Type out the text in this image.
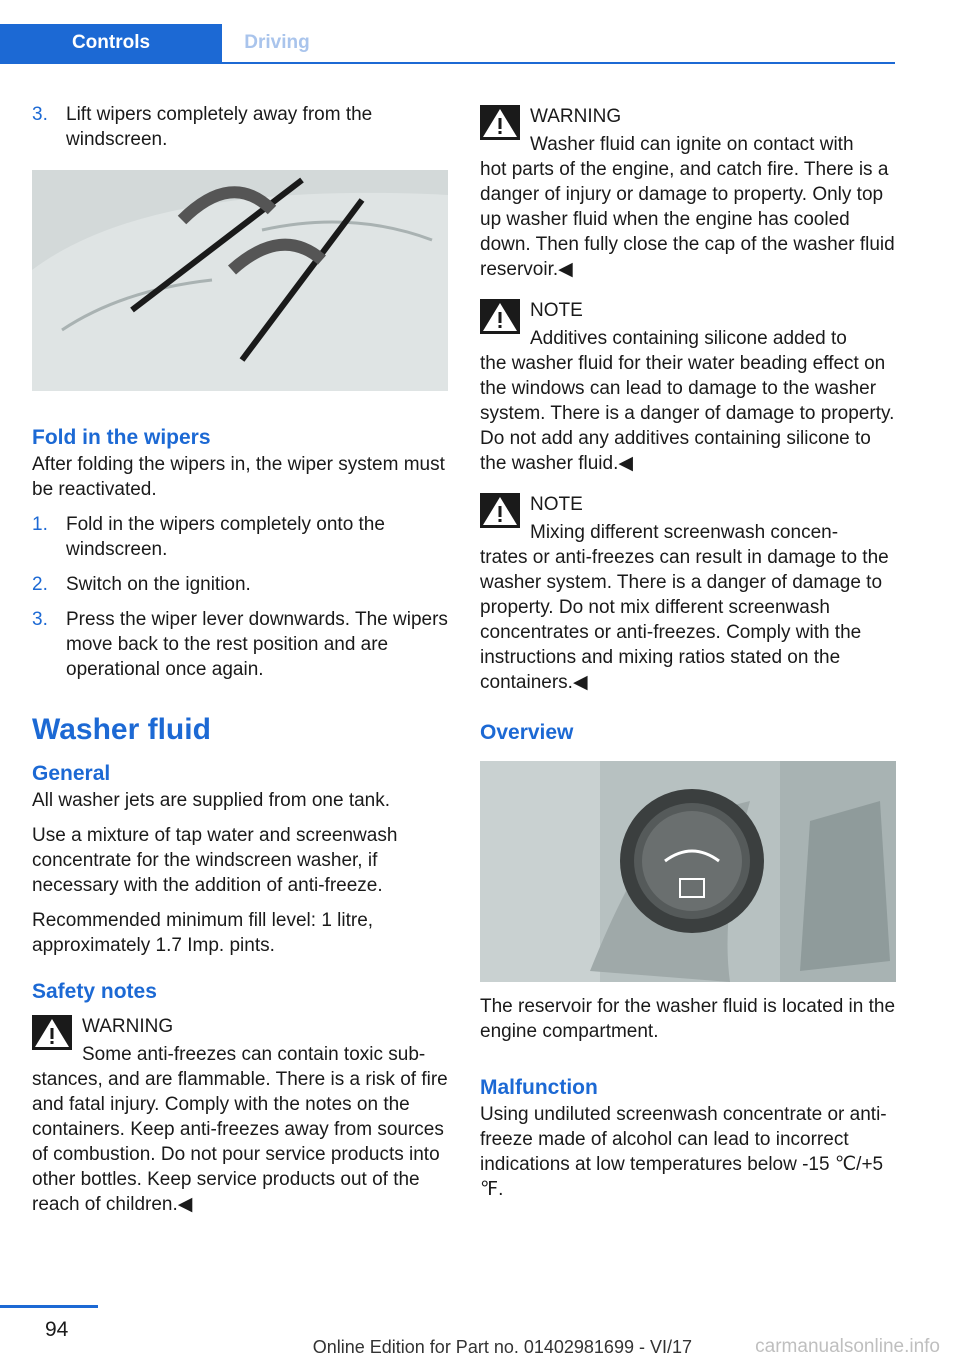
Controls	Driving
3. Lift wipers completely away from the windscreen.
Fold in the wipers

After folding the wipers in, the wiper system must be reactivated.

1. Fold in the wipers completely onto the windscreen.
2. Switch on the ignition.
3. Press the wiper lever downwards. The wipers move back to the rest position and are operational once again.
Washer fluid
General

All washer jets are supplied from one tank.

Use a mixture of tap water and screenwash concentrate for the windscreen washer, if necessary with the addition of anti-freeze.

Recommended minimum fill level: 1 litre, approximately 1.7 Imp. pints.

Safety notes
WARNING
Some anti-freezes can contain toxic sub-
stances, and are flammable. There is a risk of fire and fatal injury. Comply with the notes on the containers. Keep anti-freezes away from sources of combustion. Do not pour service products into other bottles. Keep service products out of the reach of children.◀
WARNING
Washer fluid can ignite on contact with
hot parts of the engine, and catch fire. There is a danger of injury or damage to property. Only top up washer fluid when the engine has cooled down. Then fully close the cap of the washer fluid reservoir.◀
NOTE
Additives containing silicone added to
the washer fluid for their water beading effect on the windows can lead to damage to the washer system. There is a danger of damage to property. Do not add any additives containing silicone to the washer fluid.◀
NOTE
Mixing different screenwash concen-
trates or anti-freezes can result in damage to the washer system. There is a danger of damage to property. Do not mix different screenwash concentrates or anti-freezes. Comply with the instructions and mixing ratios stated on the containers.◀
Overview

The reservoir for the washer fluid is located in the engine compartment.

Malfunction

Using undiluted screenwash concentrate or anti-freeze made of alcohol can lead to incorrect indications at low temperatures below -15 ℃/+5 ℉.

94
Online Edition for Part no. 01402981699 - VI/17	carmanualsonline.info
